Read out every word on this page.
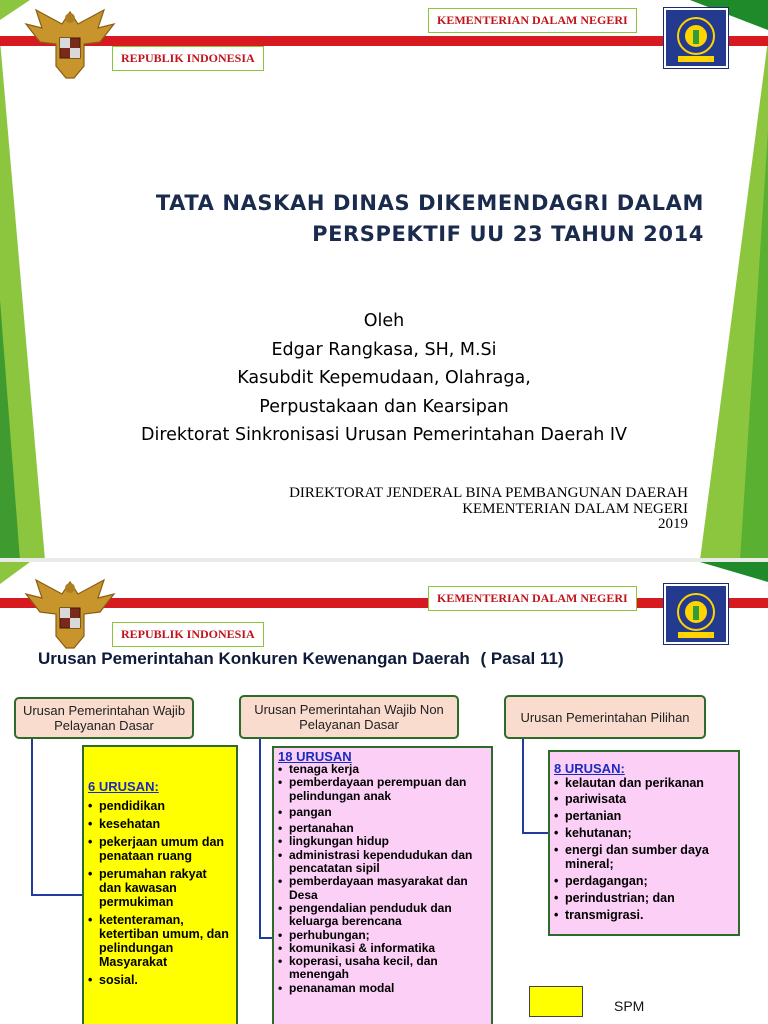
KEMENTERIAN DALAM NEGERI
REPUBLIK INDONESIA
TATA NASKAH DINAS DIKEMENDAGRI DALAM
PERSPEKTIF UU 23 TAHUN 2014
Oleh
Edgar Rangkasa, SH, M.Si
Kasubdit Kepemudaan, Olahraga,
Perpustakaan dan Kearsipan
Direktorat Sinkronisasi Urusan Pemerintahan Daerah IV
DIREKTORAT JENDERAL BINA PEMBANGUNAN DAERAH
KEMENTERIAN DALAM NEGERI
2019
KEMENTERIAN DALAM NEGERI
REPUBLIK INDONESIA
Urusan Pemerintahan Konkuren Kewenangan Daerah ( Pasal 11)
Urusan Pemerintahan Wajib Pelayanan Dasar
Urusan Pemerintahan Wajib Non Pelayanan Dasar	Urusan Pemerintahan Pilihan
6 URUSAN:
• pendidikan
• kesehatan
• pekerjaan umum dan penataan ruang
• perumahan rakyat dan kawasan permukiman
• ketenteraman, ketertiban umum, dan pelindungan Masyarakat
• sosial.
18 URUSAN
• tenaga kerja
• pemberdayaan perempuan dan pelindungan anak
• pangan
• pertanahan
• lingkungan hidup
• administrasi kependudukan dan pencatatan sipil
• pemberdayaan masyarakat dan Desa
• pengendalian penduduk dan keluarga berencana
• perhubungan;
• komunikasi & informatika
• koperasi, usaha kecil, dan menengah
• penanaman modal
8 URUSAN:
• kelautan dan perikanan
• pariwisata
• pertanian
• kehutanan;
• energi dan sumber daya mineral;
• perdagangan;
• perindustrian; dan
• transmigrasi.
SPM
